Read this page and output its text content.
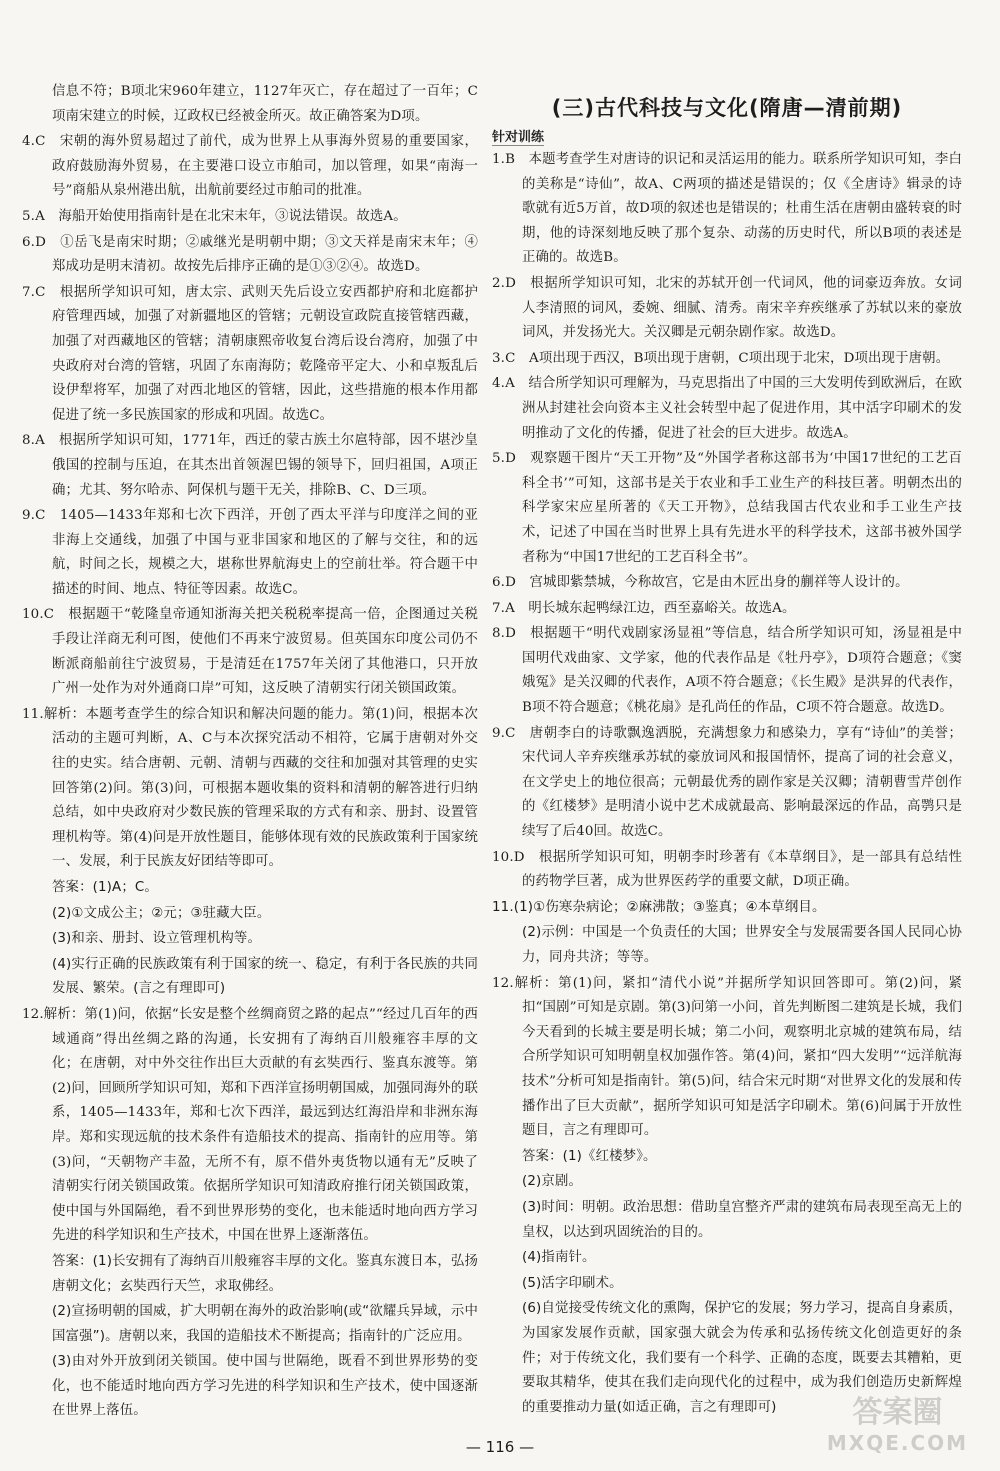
信息不符；B项北宋960年建立，1127年灭亡，存在超过了一百年；C项南宋建立的时候，辽政权已经被金所灭。故正确答案为D项。

4.C　宋朝的海外贸易超过了前代，成为世界上从事海外贸易的重要国家，政府鼓励海外贸易，在主要港口设立市舶司，加以管理，如果“南海一号”商船从泉州港出航，出航前要经过市舶司的批准。

5.A　海船开始使用指南针是在北宋末年，③说法错误。故选A。

6.D　①岳飞是南宋时期；②戚继光是明朝中期；③文天祥是南宋末年；④郑成功是明末清初。故按先后排序正确的是①③②④。故选D。

7.C　根据所学知识可知，唐太宗、武则天先后设立安西都护府和北庭都护府管理西域，加强了对新疆地区的管辖；元朝设宣政院直接管辖西藏，加强了对西藏地区的管辖；清朝康熙帝收复台湾后设台湾府，加强了中央政府对台湾的管辖，巩固了东南海防；乾隆帝平定大、小和卓叛乱后设伊犁将军，加强了对西北地区的管辖，因此，这些措施的根本作用都促进了统一多民族国家的形成和巩固。故选C。

8.A　根据所学知识可知，1771年，西迁的蒙古族土尔扈特部，因不堪沙皇俄国的控制与压迫，在其杰出首领渥巴锡的领导下，回归祖国，A项正确；尤其、努尔哈赤、阿保机与题干无关，排除B、C、D三项。

9.C　1405—1433年郑和七次下西洋，开创了西太平洋与印度洋之间的亚非海上交通线，加强了中国与亚非国家和地区的了解与交往，和的远航，时间之长，规模之大，堪称世界航海史上的空前壮举。符合题干中描述的时间、地点、特征等因素。故选C。

10.C　根据题干“乾隆皇帝通知浙海关把关税税率提高一倍，企图通过关税手段让洋商无利可图，使他们不再来宁波贸易。但英国东印度公司仍不断派商船前往宁波贸易，于是清廷在1757年关闭了其他港口，只开放广州一处作为对外通商口岸”可知，这反映了清朝实行闭关锁国政策。

11.解析：本题考查学生的综合知识和解决问题的能力。第(1)问，根据本次活动的主题可判断，A、C与本次探究活动不相符，它属于唐朝对外交往的史实。结合唐朝、元朝、清朝与西藏的交往和加强对其管理的史实回答第(2)问。第(3)问，可根据本题收集的资料和清朝的解答进行归纳总结，如中央政府对少数民族的管理采取的方式有和亲、册封、设置管理机构等。第(4)问是开放性题目，能够体现有效的民族政策利于国家统一、发展，利于民族友好团结等即可。

答案：(1)A；C。

(2)①文成公主；②元；③驻藏大臣。

(3)和亲、册封、设立管理机构等。

(4)实行正确的民族政策有利于国家的统一、稳定，有利于各民族的共同发展、繁荣。(言之有理即可)

12.解析：第(1)问，依据“长安是整个丝绸商贸之路的起点”“经过几百年的西域通商”得出丝绸之路的沟通，长安拥有了海纳百川般雍容丰厚的文化；在唐朝，对中外交往作出巨大贡献的有玄奘西行、鉴真东渡等。第(2)问，回顾所学知识可知，郑和下西洋宣扬明朝国威，加强同海外的联系，1405—1433年，郑和七次下西洋，最远到达红海沿岸和非洲东海岸。郑和实现远航的技术条件有造船技术的提高、指南针的应用等。第(3)问，“天朝物产丰盈，无所不有，原不借外夷货物以通有无”反映了清朝实行闭关锁国政策。依据所学知识可知清政府推行闭关锁国政策，使中国与外国隔绝，看不到世界形势的变化，也未能适时地向西方学习先进的科学知识和生产技术，中国在世界上逐渐落伍。

答案：(1)长安拥有了海纳百川般雍容丰厚的文化。鉴真东渡日本，弘扬唐朝文化；玄奘西行天竺，求取佛经。

(2)宣扬明朝的国威，扩大明朝在海外的政治影响(或“欲耀兵异域，示中国富强”)。唐朝以来，我国的造船技术不断提高；指南针的广泛应用。

(3)由对外开放到闭关锁国。使中国与世隔绝，既看不到世界形势的变化，也不能适时地向西方学习先进的科学知识和生产技术，使中国逐渐在世界上落伍。

(三)古代科技与文化(隋唐—清前期)
针对训练

1.B　本题考查学生对唐诗的识记和灵活运用的能力。联系所学知识可知，李白的美称是“诗仙”，故A、C两项的描述是错误的；仅《全唐诗》辑录的诗歌就有近5万首，故D项的叙述也是错误的；杜甫生活在唐朝由盛转衰的时期，他的诗深刻地反映了那个复杂、动荡的历史时代，所以B项的表述是正确的。故选B。

2.D　根据所学知识可知，北宋的苏轼开创一代词风，他的词豪迈奔放。女词人李清照的词风，委婉、细腻、清秀。南宋辛弃疾继承了苏轼以来的豪放词风，并发扬光大。关汉卿是元朝杂剧作家。故选D。

3.C　A项出现于西汉，B项出现于唐朝，C项出现于北宋，D项出现于唐朝。

4.A　结合所学知识可理解为，马克思指出了中国的三大发明传到欧洲后，在欧洲从封建社会向资本主义社会转型中起了促进作用，其中活字印刷术的发明推动了文化的传播，促进了社会的巨大进步。故选A。

5.D　观察题干图片“天工开物”及“外国学者称这部书为‘中国17世纪的工艺百科全书’”可知，这部书是关于农业和手工业生产的科技巨著。明朝杰出的科学家宋应星所著的《天工开物》，总结我国古代农业和手工业生产技术，记述了中国在当时世界上具有先进水平的科学技术，这部书被外国学者称为“中国17世纪的工艺百科全书”。

6.D　宫城即紫禁城，今称故宫，它是由木匠出身的蒯祥等人设计的。

7.A　明长城东起鸭绿江边，西至嘉峪关。故选A。

8.D　根据题干“明代戏剧家汤显祖”等信息，结合所学知识可知，汤显祖是中国明代戏曲家、文学家，他的代表作品是《牡丹亭》，D项符合题意；《窦娥冤》是关汉卿的代表作，A项不符合题意；《长生殿》是洪昇的代表作，B项不符合题意；《桃花扇》是孔尚任的作品，C项不符合题意。故选D。

9.C　唐朝李白的诗歌飘逸洒脱，充满想象力和感染力，享有“诗仙”的美誉；宋代词人辛弃疾继承苏轼的豪放词风和报国情怀，提高了词的社会意义，在文学史上的地位很高；元朝最优秀的剧作家是关汉卿；清朝曹雪芹创作的《红楼梦》是明清小说中艺术成就最高、影响最深远的作品，高鹗只是续写了后40回。故选C。

10.D　根据所学知识可知，明朝李时珍著有《本草纲目》，是一部具有总结性的药物学巨著，成为世界医药学的重要文献，D项正确。

11.(1)①伤寒杂病论；②麻沸散；③鉴真；④本草纲目。

(2)示例：中国是一个负责任的大国；世界安全与发展需要各国人民同心协力，同舟共济；等等。

12.解析：第(1)问，紧扣“清代小说”并据所学知识回答即可。第(2)问，紧扣“国剧”可知是京剧。第(3)问第一小问，首先判断图二建筑是长城，我们今天看到的长城主要是明长城；第二小问，观察明北京城的建筑布局，结合所学知识可知明朝皇权加强作答。第(4)问，紧扣“四大发明”“远洋航海技术”分析可知是指南针。第(5)问，结合宋元时期“对世界文化的发展和传播作出了巨大贡献”，据所学知识可知是活字印刷术。第(6)问属于开放性题目，言之有理即可。

答案：(1)《红楼梦》。

(2)京剧。

(3)时间：明朝。政治思想：借助皇宫整齐严肃的建筑布局表现至高无上的皇权，以达到巩固统治的目的。

(4)指南针。

(5)活字印刷术。

(6)自觉接受传统文化的熏陶，保护它的发展；努力学习，提高自身素质，为国家发展作贡献，国家强大就会为传承和弘扬传统文化创造更好的条件；对于传统文化，我们要有一个科学、正确的态度，既要去其糟粕，更要取其精华，使其在我们走向现代化的过程中，成为我们创造历史新辉煌的重要推动力量(如适正确，言之有理即可)

— 116 —
答案圈
MXQE.COM
